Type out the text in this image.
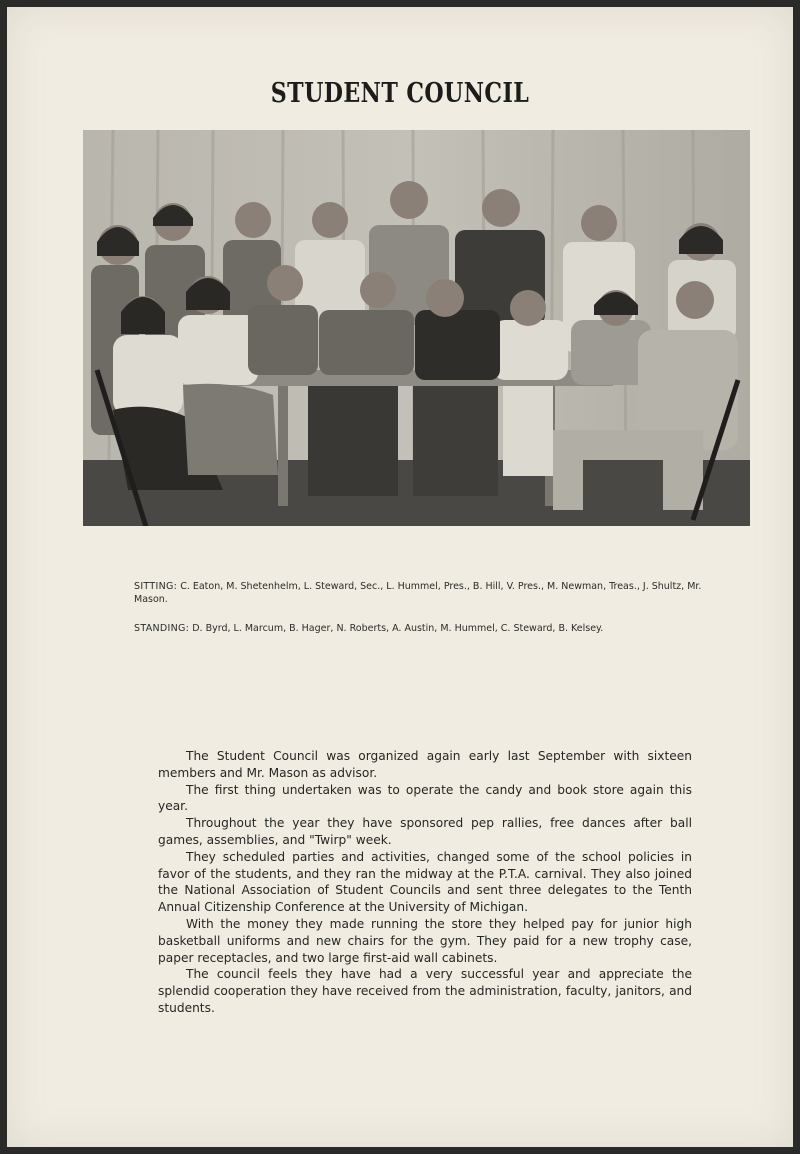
STUDENT COUNCIL
SITTING: C. Eaton, M. Shetenhelm, L. Steward, Sec., L. Hummel, Pres., B. Hill, V. Pres., M. Newman, Treas., J. Shultz, Mr. Mason.
STANDING: D. Byrd, L. Marcum, B. Hager, N. Roberts, A. Austin, M. Hummel, C. Steward, B. Kelsey.

The Student Council was organized again early last September with sixteen members and Mr. Mason as advisor.

The first thing undertaken was to operate the candy and book store again this year.

Throughout the year they have sponsored pep rallies, free dances after ball games, assemblies, and "Twirp" week.

They scheduled parties and activities, changed some of the school policies in favor of the students, and they ran the midway at the P.T.A. carnival. They also joined the National Association of Student Councils and sent three delegates to the Tenth Annual Citizenship Conference at the University of Michigan.

With the money they made running the store they helped pay for junior high basketball uniforms and new chairs for the gym. They paid for a new trophy case, paper receptacles, and two large first-aid wall cabinets.

The council feels they have had a very successful year and appreciate the splendid cooperation they have received from the administration, faculty, janitors, and students.
